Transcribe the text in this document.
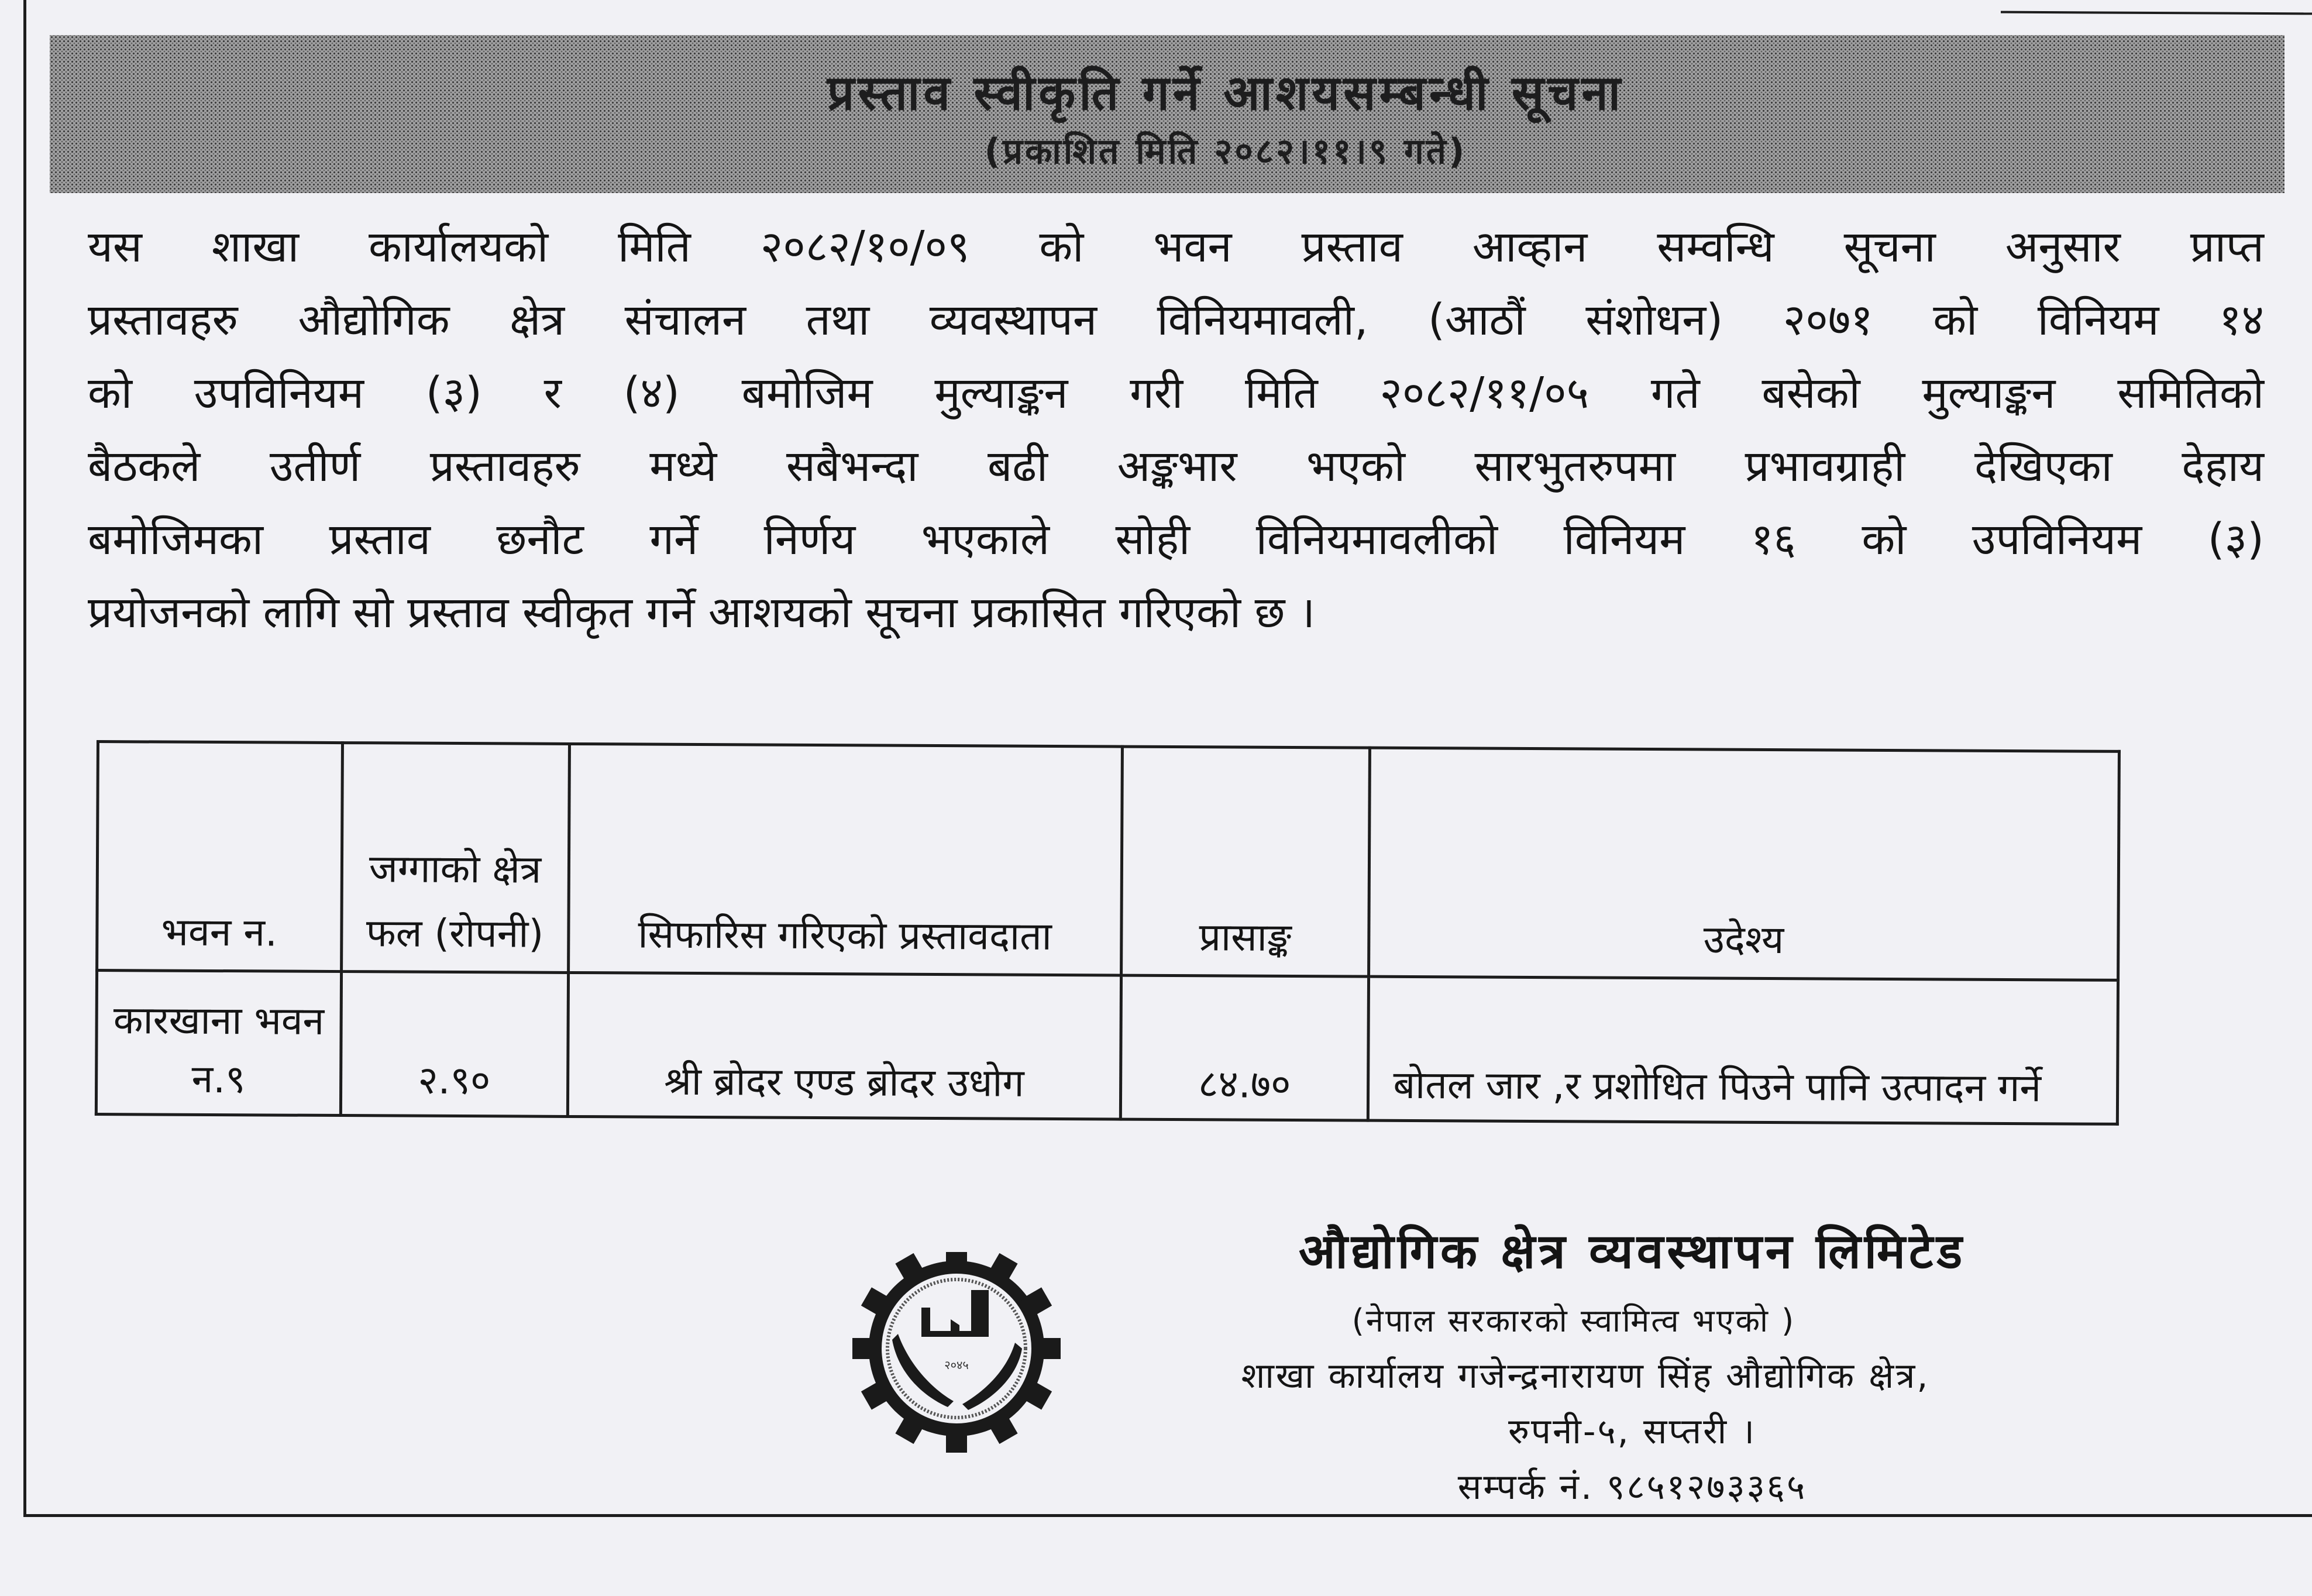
प्रस्ताव स्वीकृति गर्ने आशयसम्बन्धी सूचना
(प्रकाशित मिति २०८२।११।९ गते)
यस शाखा कार्यालयको मिति २०८२/१०/०९ को भवन प्रस्ताव आव्हान सम्वन्धि सूचना अनुसार प्राप्त
प्रस्तावहरु औद्योगिक क्षेत्र संचालन तथा व्यवस्थापन विनियमावली, (आठौं संशोधन) २०७१ को विनियम १४
को उपविनियम (३) र (४) बमोजिम मुल्याङ्कन गरी मिति २०८२/११/०५ गते बसेको मुल्याङ्कन समितिको
बैठकले उतीर्ण प्रस्तावहरु मध्ये सबैभन्दा बढी अङ्कभार भएको सारभुतरुपमा प्रभावग्राही देखिएका देहाय
बमोजिमका प्रस्ताव छनौट गर्ने निर्णय भएकाले सोही विनियमावलीको विनियम १६ को उपविनियम (३)
प्रयोजनको लागि सो प्रस्ताव स्वीकृत गर्ने आशयको सूचना प्रकासित गरिएको छ ।
भवन न.	जग्गाको क्षेत्र फल (रोपनी)	सिफारिस गरिएको प्रस्तावदाता	प्रासाङ्क	उदेश्य
कारखाना भवन न.९	२.९०	श्री ब्रोदर एण्ड ब्रोदर उधोग	८४.७०	बोतल जार ,र प्रशोधित पिउने पानि उत्पादन गर्ने
२०४५
औद्योगिक क्षेत्र व्यवस्थापन लिमिटेड
(नेपाल सरकारको स्वामित्व भएको )
शाखा कार्यालय गजेन्द्रनारायण सिंह औद्योगिक क्षेत्र,
रुपनी-५, सप्तरी ।
सम्पर्क नं. ९८५१२७३३६५
